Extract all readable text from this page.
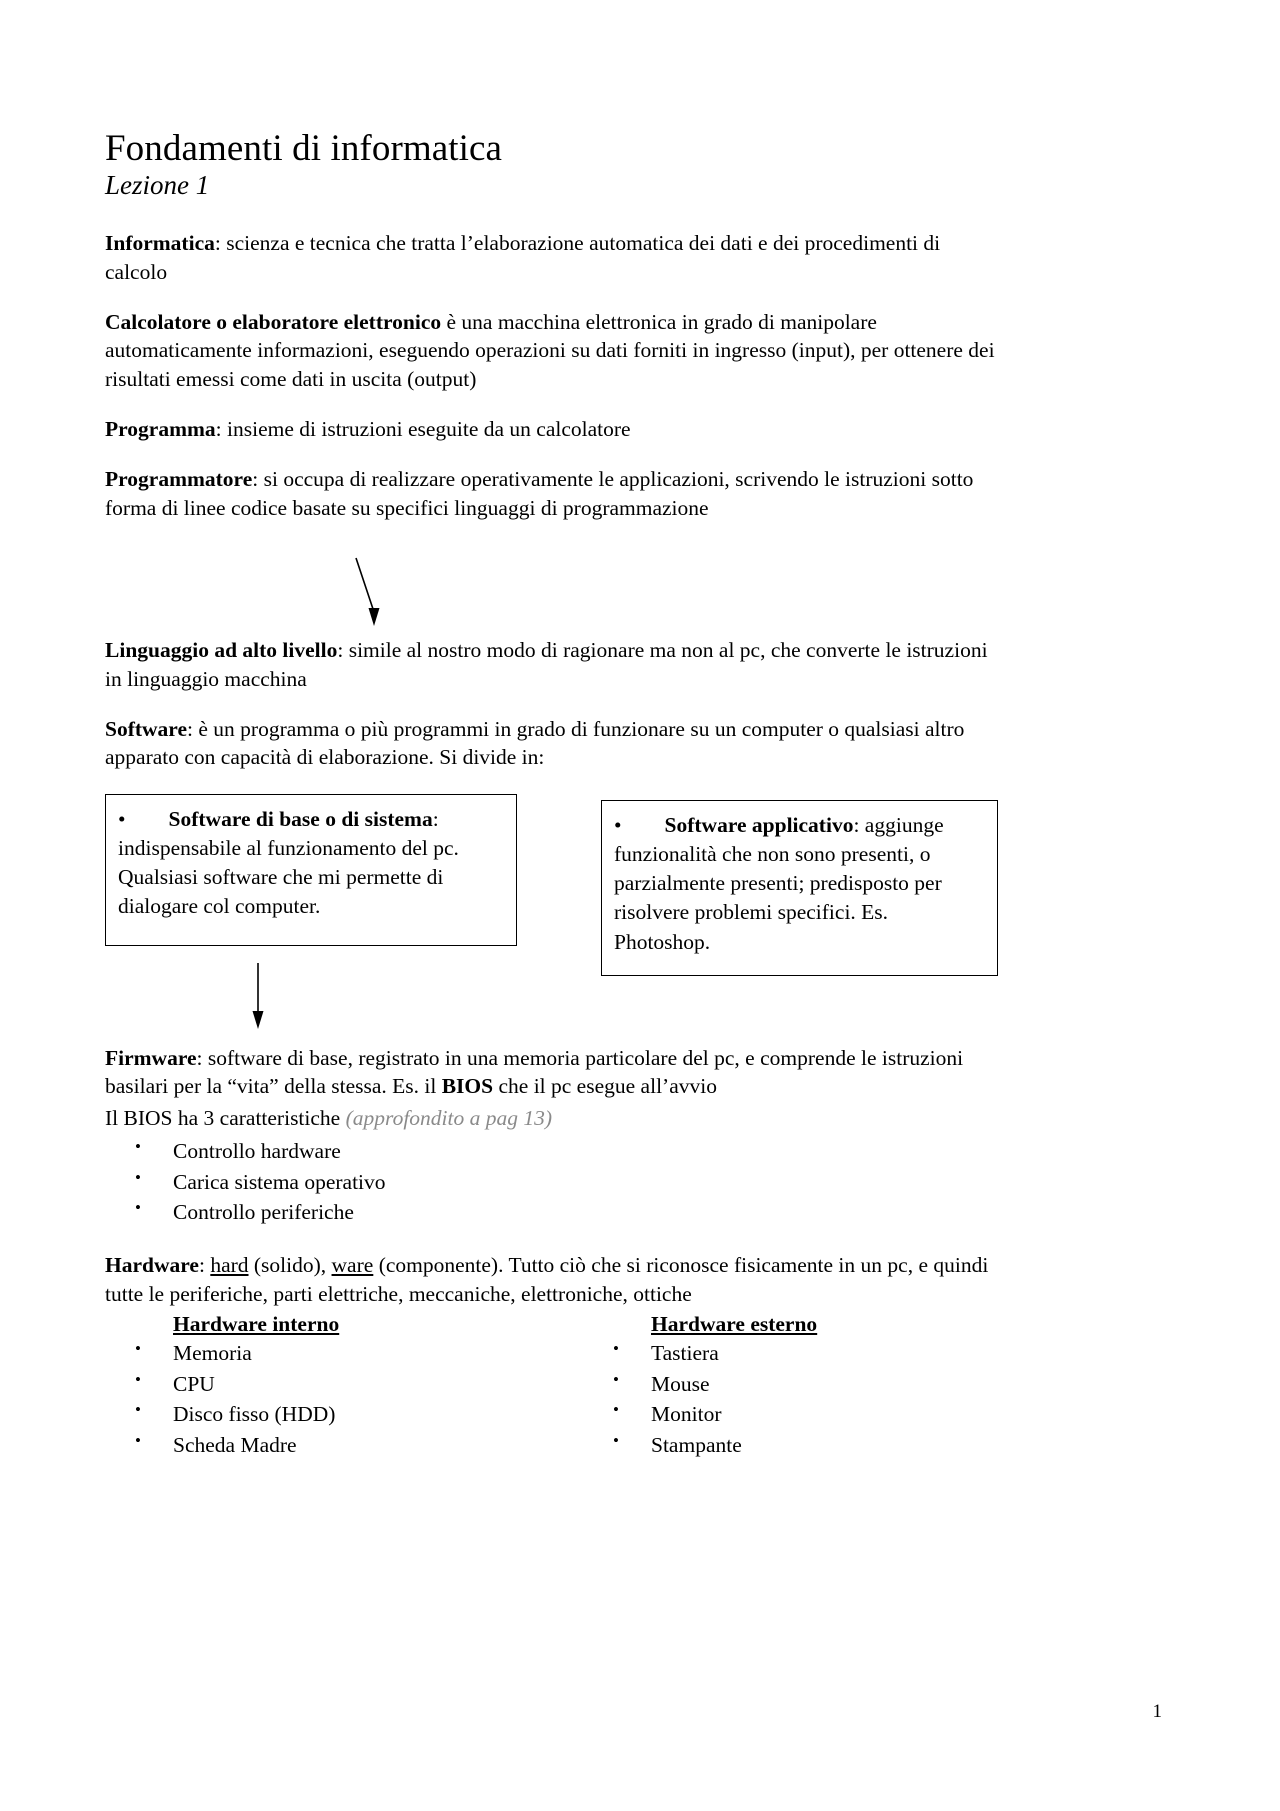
Fondamenti di informatica
Lezione 1

Informatica: scienza e tecnica che tratta l’elaborazione automatica dei dati e dei procedimenti di calcolo

Calcolatore o elaboratore elettronico è una macchina elettronica in grado di manipolare automaticamente informazioni, eseguendo operazioni su dati forniti in ingresso (input), per ottenere dei risultati emessi come dati in uscita (output)

Programma: insieme di istruzioni eseguite da un calcolatore

Programmatore: si occupa di realizzare operativamente le applicazioni, scrivendo le istruzioni sotto forma di linee codice basate su specifici linguaggi di programmazione

Linguaggio ad alto livello: simile al nostro modo di ragionare ma non al pc, che converte le istruzioni in linguaggio macchina

Software: è un programma o più programmi in grado di funzionare su un computer o qualsiasi altro apparato con capacità di elaborazione. Si divide in:

• Software di base o di sistema: indispensabile al funzionamento del pc. Qualsiasi software che mi permette di dialogare col computer.

• Software applicativo: aggiunge funzionalità che non sono presenti, o parzialmente presenti; predisposto per risolvere problemi specifici. Es. Photoshop.

Firmware: software di base, registrato in una memoria particolare del pc, e comprende le istruzioni basilari per la “vita” della stessa. Es. il BIOS che il pc esegue all’avvio

Il BIOS ha 3 caratteristiche (approfondito a pag 13)

• Controllo hardware
• Carica sistema operativo
• Controllo periferiche

Hardware: hard (solido), ware (componente). Tutto ciò che si riconosce fisicamente in un pc, e quindi tutte le periferiche, parti elettriche, meccaniche, elettroniche, ottiche

Hardware interno
• Memoria
• CPU
• Disco fisso (HDD)
• Scheda Madre
Hardware esterno
• Tastiera
• Mouse
• Monitor
• Stampante
1
